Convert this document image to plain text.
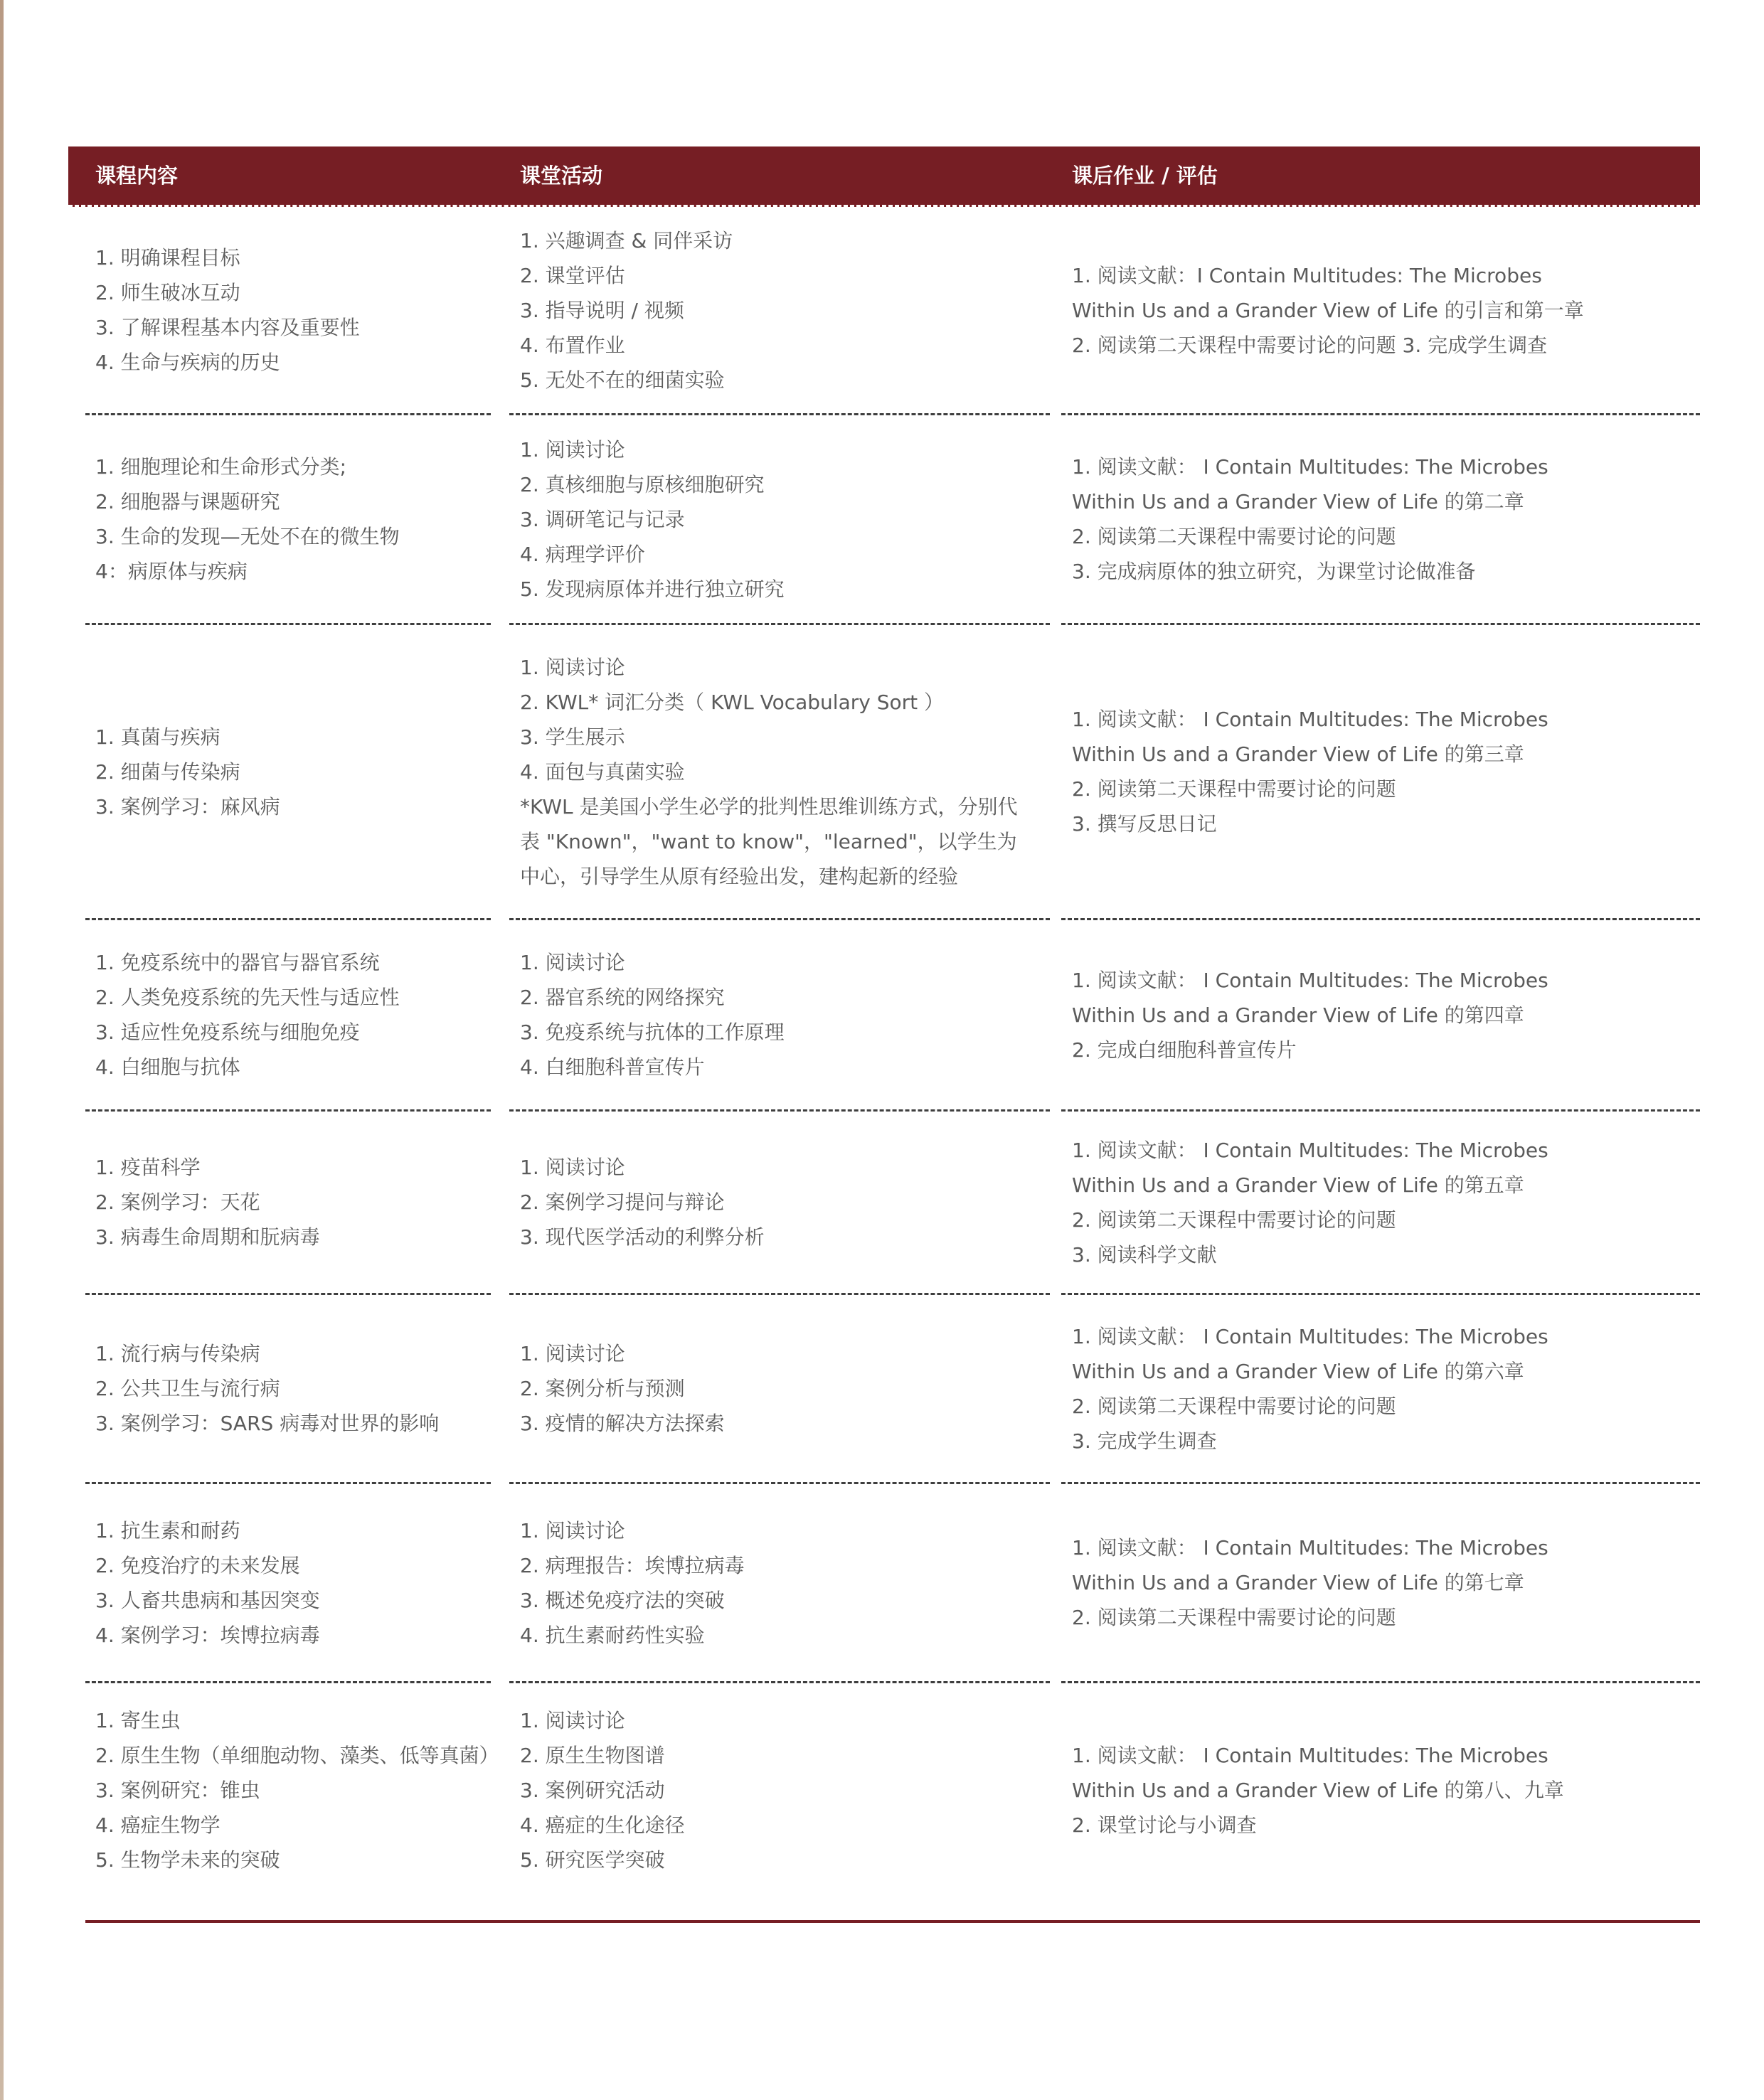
课程内容	课堂活动	课后作业 / 评估
1. 明确课程目标
2. 师生破冰互动
3. 了解课程基本内容及重要性
4. 生命与疾病的历史
1. 兴趣调查 & 同伴采访
2. 课堂评估
3. 指导说明 / 视频
4. 布置作业
5. 无处不在的细菌实验
1. 阅读文献：I Contain Multitudes: The Microbes
Within Us and a Grander View of Life 的引言和第一章
2. 阅读第二天课程中需要讨论的问题 3. 完成学生调查
1. 细胞理论和生命形式分类;
2. 细胞器与课题研究
3. 生命的发现—无处不在的微生物
4：病原体与疾病
1. 阅读讨论
2. 真核细胞与原核细胞研究
3. 调研笔记与记录
4. 病理学评价
5. 发现病原体并进行独立研究
1. 阅读文献： I Contain Multitudes: The Microbes
Within Us and a Grander View of Life 的第二章
2. 阅读第二天课程中需要讨论的问题
3. 完成病原体的独立研究，为课堂讨论做准备
1. 真菌与疾病
2. 细菌与传染病
3. 案例学习：麻风病
1. 阅读讨论
2. KWL* 词汇分类（ KWL Vocabulary Sort ）
3. 学生展示
4. 面包与真菌实验
*KWL 是美国小学生必学的批判性思维训练方式，分别代
表 "Known"，"want to know"，"learned"，以学生为
中心，引导学生从原有经验出发，建构起新的经验
1. 阅读文献： I Contain Multitudes: The Microbes
Within Us and a Grander View of Life 的第三章
2. 阅读第二天课程中需要讨论的问题
3. 撰写反思日记
1. 免疫系统中的器官与器官系统
2. 人类免疫系统的先天性与适应性
3. 适应性免疫系统与细胞免疫
4. 白细胞与抗体
1. 阅读讨论
2. 器官系统的网络探究
3. 免疫系统与抗体的工作原理
4. 白细胞科普宣传片
1. 阅读文献： I Contain Multitudes: The Microbes
Within Us and a Grander View of Life 的第四章
2. 完成白细胞科普宣传片
1. 疫苗科学
2. 案例学习：天花
3. 病毒生命周期和朊病毒
1. 阅读讨论
2. 案例学习提问与辩论
3. 现代医学活动的利弊分析
1. 阅读文献： I Contain Multitudes: The Microbes
Within Us and a Grander View of Life 的第五章
2. 阅读第二天课程中需要讨论的问题
3. 阅读科学文献
1. 流行病与传染病
2. 公共卫生与流行病
3. 案例学习：SARS 病毒对世界的影响
1. 阅读讨论
2. 案例分析与预测
3. 疫情的解决方法探索
1. 阅读文献： I Contain Multitudes: The Microbes
Within Us and a Grander View of Life 的第六章
2. 阅读第二天课程中需要讨论的问题
3. 完成学生调查
1. 抗生素和耐药
2. 免疫治疗的未来发展
3. 人畜共患病和基因突变
4. 案例学习：埃博拉病毒
1. 阅读讨论
2. 病理报告：埃博拉病毒
3. 概述免疫疗法的突破
4. 抗生素耐药性实验
1. 阅读文献： I Contain Multitudes: The Microbes
Within Us and a Grander View of Life 的第七章
2. 阅读第二天课程中需要讨论的问题
1. 寄生虫
2. 原生生物（单细胞动物、藻类、低等真菌）
3. 案例研究：锥虫
4. 癌症生物学
5. 生物学未来的突破
1. 阅读讨论
2. 原生生物图谱
3. 案例研究活动
4. 癌症的生化途径
5. 研究医学突破
1. 阅读文献： I Contain Multitudes: The Microbes
Within Us and a Grander View of Life 的第八、九章
2. 课堂讨论与小调查
